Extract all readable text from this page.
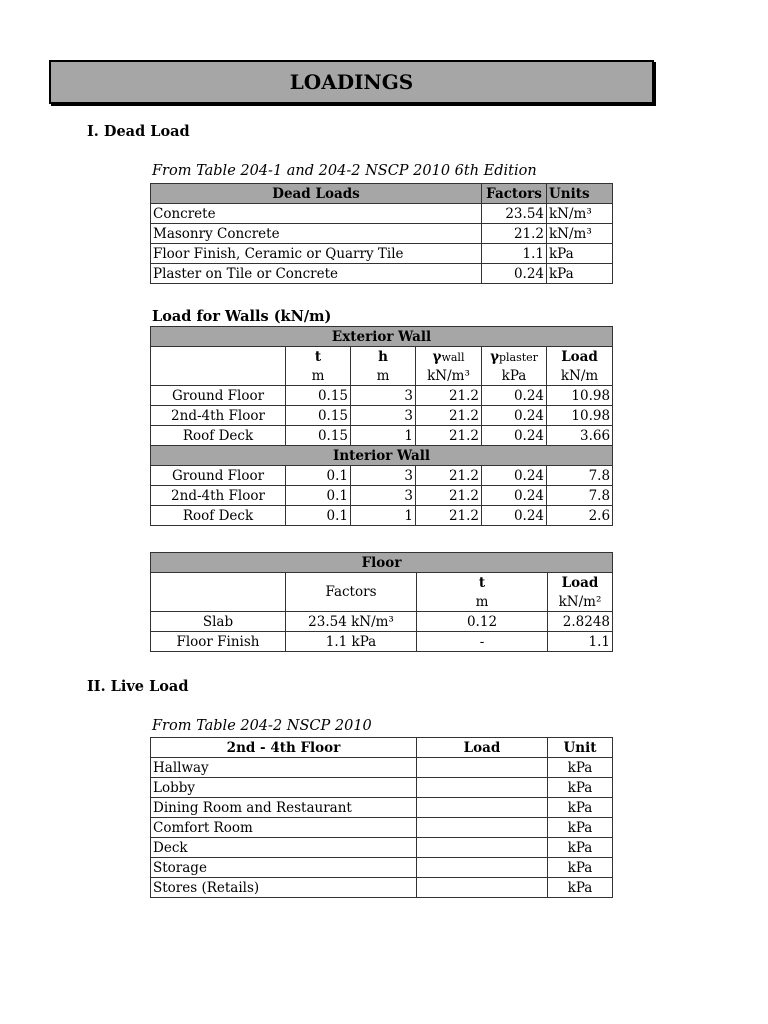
LOADINGS
I. Dead Load
From Table 204-1 and 204-2 NSCP 2010 6th Edition
Dead Loads	Factors	Units
Concrete	23.54	kN/m³
Masonry Concrete	21.2	kN/m³
Floor Finish, Ceramic or Quarry Tile	1.1	kPa
Plaster on Tile or Concrete	0.24	kPa
Load for Walls (kN/m)
Exterior Wall					
	t	h	γwall	γplaster	Load
	m	m	kN/m³	kPa	kN/m
Ground Floor	0.15	3	21.2	0.24	10.98
2nd-4th Floor	0.15	3	21.2	0.24	10.98
Roof Deck	0.15	1	21.2	0.24	3.66
Interior Wall					
Ground Floor	0.1	3	21.2	0.24	7.8
2nd-4th Floor	0.1	3	21.2	0.24	7.8
Roof Deck	0.1	1	21.2	0.24	2.6
Floor			
	Factors	t	Load
		m	kN/m²
Slab	23.54 kN/m³	0.12	2.8248
Floor Finish	1.1 kPa	-	1.1
II. Live Load
From Table 204-2 NSCP 2010
2nd - 4th Floor	Load	Unit
Hallway		kPa
Lobby		kPa
Dining Room and Restaurant		kPa
Comfort Room		kPa
Deck		kPa
Storage		kPa
Stores (Retails)		kPa
